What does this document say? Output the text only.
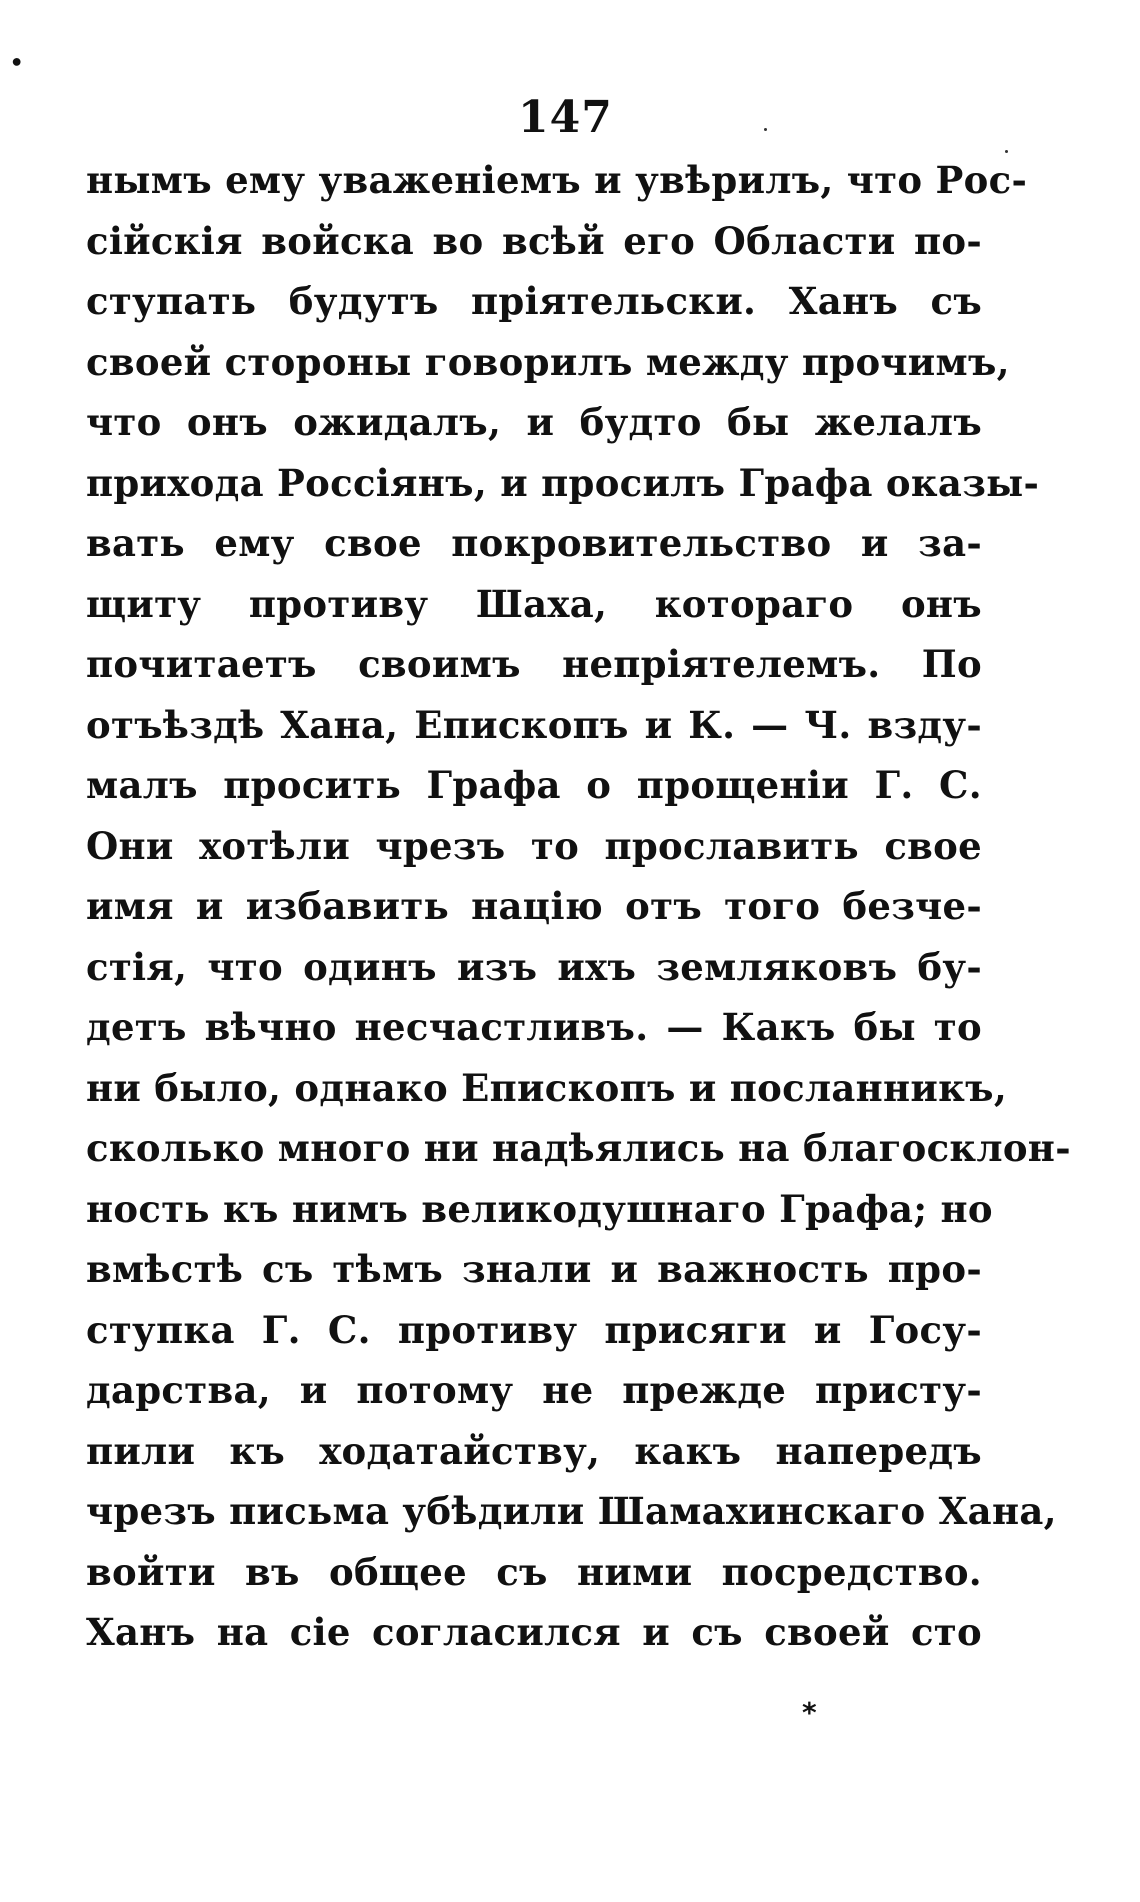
•
147
нымъ ему уваженіемъ и увѣрилъ, что Рос-
сійскія войска во всѣй его Области по-
ступать будутъ пріятельски. Ханъ съ
своей стороны говорилъ между прочимъ,
что онъ ожидалъ, и будто бы желалъ
прихода Россіянъ, и просилъ Графа оказы-
вать ему свое покровительство и за-
щиту противу Шаха, котораго онъ
почитаетъ своимъ непріятелемъ. По
отъѣздѣ Хана, Епископъ и К. — Ч. взду-
малъ просить Графа о прощеніи Г. С.
Они хотѣли чрезъ то прославить свое
имя и избавить націю отъ того безче-
стія, что одинъ изъ ихъ земляковъ бу-
детъ вѣчно несчастливъ. — Какъ бы то
ни было, однако Епископъ и посланникъ,
сколько много ни надѣялись на благосклон-
ность къ нимъ великодушнаго Графа; но
вмѣстѣ съ тѣмъ знали и важность про-
ступка Г. С. противу присяги и Госу-
дарства, и потому не прежде присту-
пили къ ходатайству, какъ напередъ
чрезъ письма убѣдили Шамахинскаго Хана,
войти въ общее съ ними посредство.
Ханъ на сіе согласился и съ своей сто
*
